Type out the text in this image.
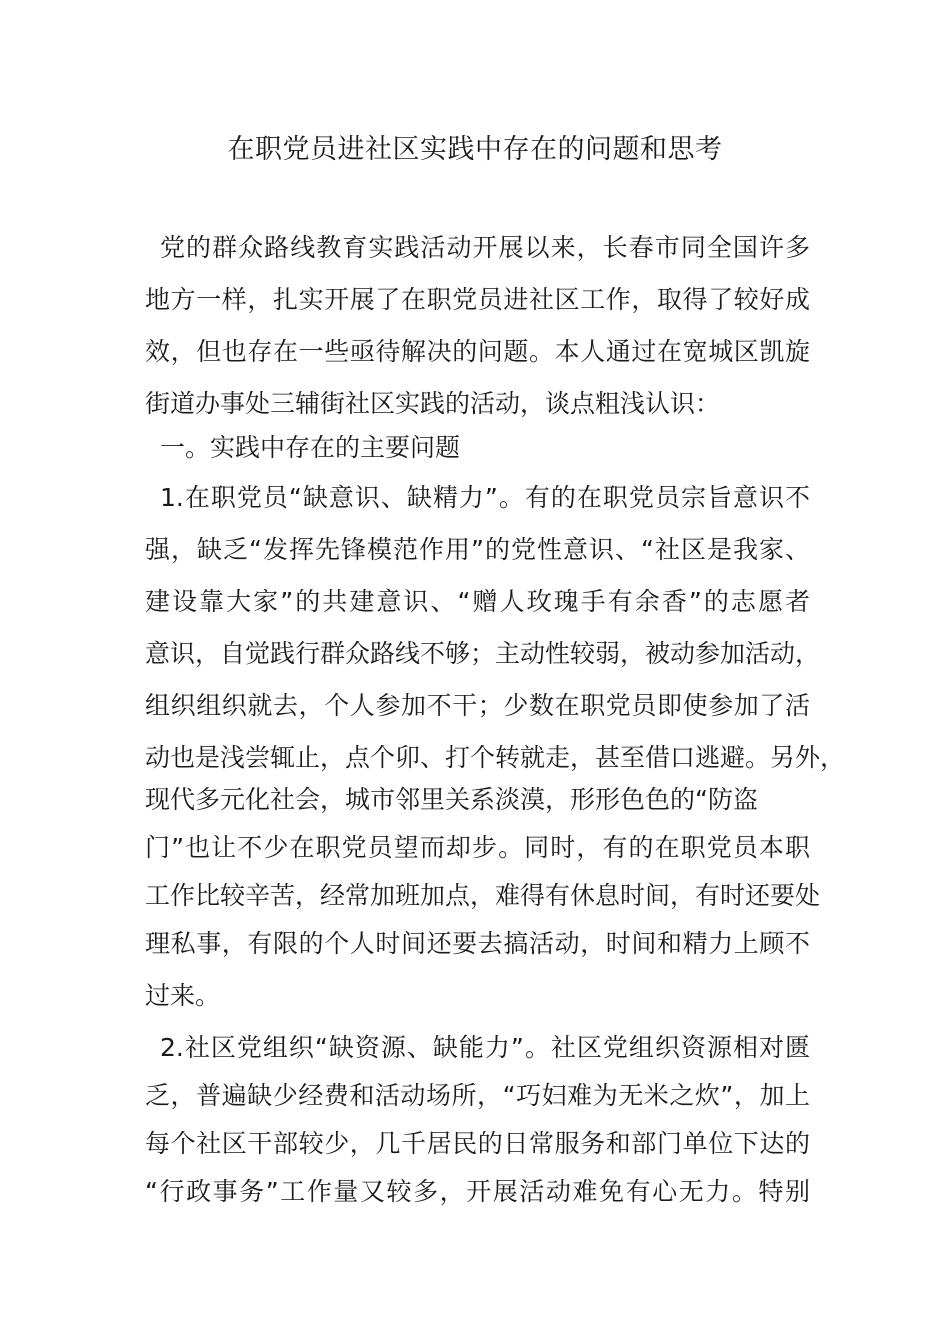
在职党员进社区实践中存在的问题和思考
党的群众路线教育实践活动开展以来，长春市同全国许多
地方一样，扎实开展了在职党员进社区工作，取得了较好成
效，但也存在一些亟待解决的问题。本人通过在宽城区凯旋
街道办事处三辅街社区实践的活动，谈点粗浅认识：
一。实践中存在的主要问题
1.在职党员“缺意识、缺精力”。有的在职党员宗旨意识不
强，缺乏“发挥先锋模范作用”的党性意识、“社区是我家、
建设靠大家”的共建意识、“赠人玫瑰手有余香”的志愿者
意识，自觉践行群众路线不够；主动性较弱，被动参加活动，
组织组织就去，个人参加不干；少数在职党员即使参加了活
动也是浅尝辄止，点个卯、打个转就走，甚至借口逃避。另外，
现代多元化社会，城市邻里关系淡漠，形形色色的“防盗
门”也让不少在职党员望而却步。同时，有的在职党员本职
工作比较辛苦，经常加班加点，难得有休息时间，有时还要处
理私事，有限的个人时间还要去搞活动，时间和精力上顾不
过来。
2.社区党组织“缺资源、缺能力”。社区党组织资源相对匮
乏，普遍缺少经费和活动场所，“巧妇难为无米之炊”，加上
每个社区干部较少，几千居民的日常服务和部门单位下达的
“行政事务”工作量又较多，开展活动难免有心无力。特别
